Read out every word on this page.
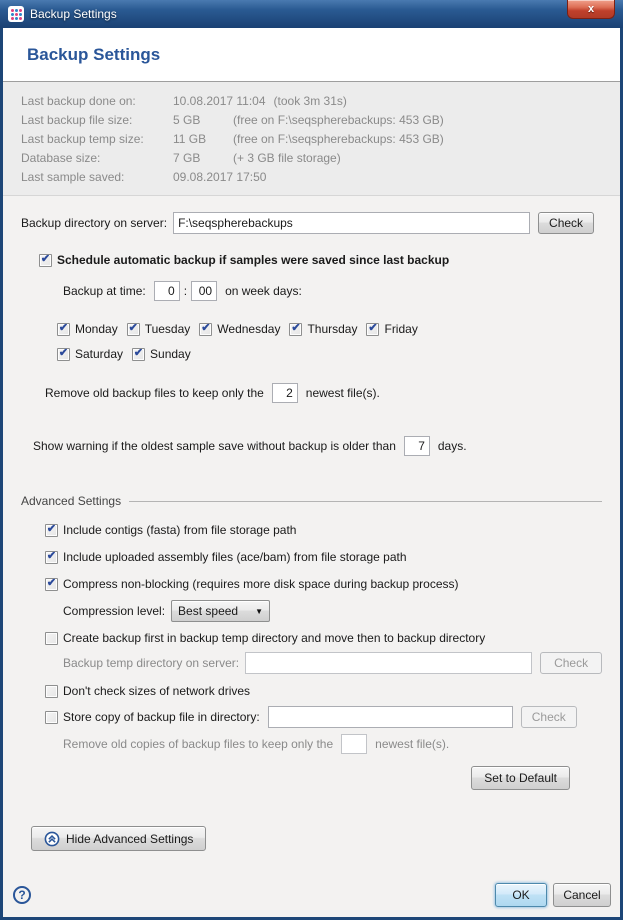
Backup Settings	x
Backup Settings
Last backup done on:	10.08.2017 11:04 (took 3m 31s)
Last backup file size:	5 GB	(free on F:\seqspherebackups: 453 GB)
Last backup temp size:	11 GB	(free on F:\seqspherebackups: 453 GB)
Database size:	7 GB	(+ 3 GB file storage)
Last sample saved:	09.08.2017 17:50
Backup directory on server:
F:\seqspherebackups	Check
✔
Schedule automatic backup if samples were saved since last backup
Backup at time:
0	:
00	on week days:
✔
Monday ✔ Tuesday ✔ Wednesday ✔ Thursday ✔ Friday
✔
Saturday ✔ Sunday
Remove old backup files to keep only the
2	newest file(s).
Show warning if the oldest sample save without backup is older than
7	days.
Advanced Settings
✔
Include contigs (fasta) from file storage path
✔
Include uploaded assembly files (ace/bam) from file storage path
✔
Compress non-blocking (requires more disk space during backup process)
Compression level: Best speed	▼
Create backup first in backup temp directory and move then to backup directory
Backup temp directory on server:	Check
Don't check sizes of network drives
Store copy of backup file in directory:	Check
Remove old copies of backup files to keep only the	newest file(s).
Set to Default
Hide Advanced Settings
?	OK	Cancel
